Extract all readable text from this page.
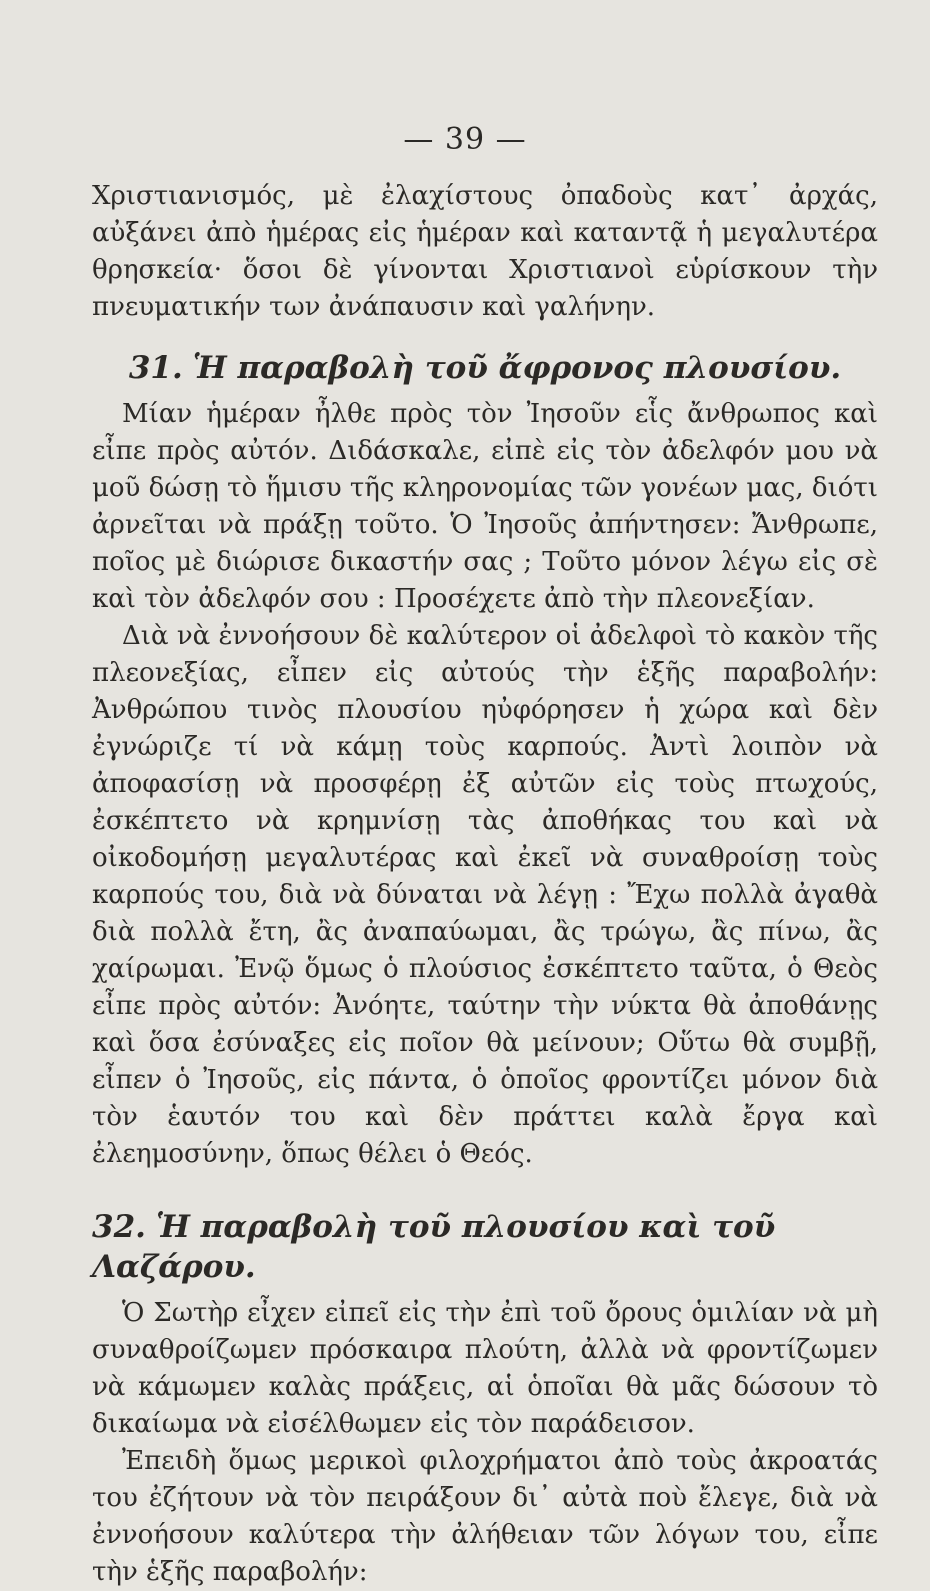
— 39 —

Χριστιανισμός, μὲ ἐλαχίστους ὀπαδοὺς κατ᾽ ἀρχάς, αὐξάνει ἀπὸ ἡμέρας εἰς ἡμέραν καὶ καταντᾷ ἡ μεγαλυτέρα θρησκεία· ὅσοι δὲ γίνονται Χριστιανοὶ εὑρίσκουν τὴν πνευματικήν των ἀνάπαυσιν καὶ γαλήνην.

31. Ἡ παραβολὴ τοῦ ἄφρονος πλουσίου.

Μίαν ἡμέραν ἦλθε πρὸς τὸν Ἰησοῦν εἷς ἄνθρωπος καὶ εἶπε πρὸς αὐτόν. Διδάσκαλε, εἰπὲ εἰς τὸν ἀδελφόν μου νὰ μοῦ δώσῃ τὸ ἥμισυ τῆς κληρονομίας τῶν γονέων μας, διότι ἀρνεῖται νὰ πράξῃ τοῦτο. Ὁ Ἰησοῦς ἀπήντησεν: Ἄνθρωπε, ποῖος μὲ διώρισε δικαστήν σας ; Τοῦτο μόνον λέγω εἰς σὲ καὶ τὸν ἀδελφόν σου : Προσέχετε ἀπὸ τὴν πλεονεξίαν.

Διὰ νὰ ἐννοήσουν δὲ καλύτερον οἱ ἀδελφοὶ τὸ κακὸν τῆς πλεονεξίας, εἶπεν εἰς αὐτούς τὴν ἑξῆς παραβολήν: Ἀνθρώπου τινὸς πλουσίου ηὐφόρησεν ἡ χώρα καὶ δὲν ἐγνώριζε τί νὰ κάμῃ τοὺς καρπούς. Ἀντὶ λοιπὸν νὰ ἀποφασίσῃ νὰ προσφέρῃ ἐξ αὐτῶν εἰς τοὺς πτωχούς, ἐσκέπτετο νὰ κρημνίσῃ τὰς ἀποθήκας του καὶ νὰ οἰκοδομήσῃ μεγαλυτέρας καὶ ἐκεῖ νὰ συναθροίσῃ τοὺς καρπούς του, διὰ νὰ δύναται νὰ λέγῃ : Ἔχω πολλὰ ἀγαθὰ διὰ πολλὰ ἔτη, ἂς ἀναπαύωμαι, ἂς τρώγω, ἂς πίνω, ἂς χαίρωμαι. Ἐνῷ ὅμως ὁ πλούσιος ἐσκέπτετο ταῦτα, ὁ Θεὸς εἶπε πρὸς αὐτόν: Ἀνόητε, ταύτην τὴν νύκτα θὰ ἀποθάνῃς καὶ ὅσα ἐσύναξες εἰς ποῖον θὰ μείνουν; Οὕτω θὰ συμβῇ, εἶπεν ὁ Ἰησοῦς, εἰς πάντα, ὁ ὁποῖος φροντίζει μόνον διὰ τὸν ἑαυτόν του καὶ δὲν πράττει καλὰ ἔργα καὶ ἐλεημοσύνην, ὅπως θέλει ὁ Θεός.

32. Ἡ παραβολὴ τοῦ πλουσίου καὶ τοῦ Λαζάρου.

Ὁ Σωτὴρ εἶχεν εἰπεῖ εἰς τὴν ἐπὶ τοῦ ὄρους ὁμιλίαν νὰ μὴ συναθροίζωμεν πρόσκαιρα πλούτη, ἀλλὰ νὰ φροντίζωμεν νὰ κάμωμεν καλὰς πράξεις, αἱ ὁποῖαι θὰ μᾶς δώσουν τὸ δικαίωμα νὰ εἰσέλθωμεν εἰς τὸν παράδεισον.

Ἐπειδὴ ὅμως μερικοὶ φιλοχρήματοι ἀπὸ τοὺς ἀκροατάς του ἐζήτουν νὰ τὸν πειράξουν δι᾽ αὐτὰ ποὺ ἔλεγε, διὰ νὰ ἐννοήσουν καλύτερα τὴν ἀλήθειαν τῶν λόγων του, εἶπε τὴν ἑξῆς παραβολήν:
